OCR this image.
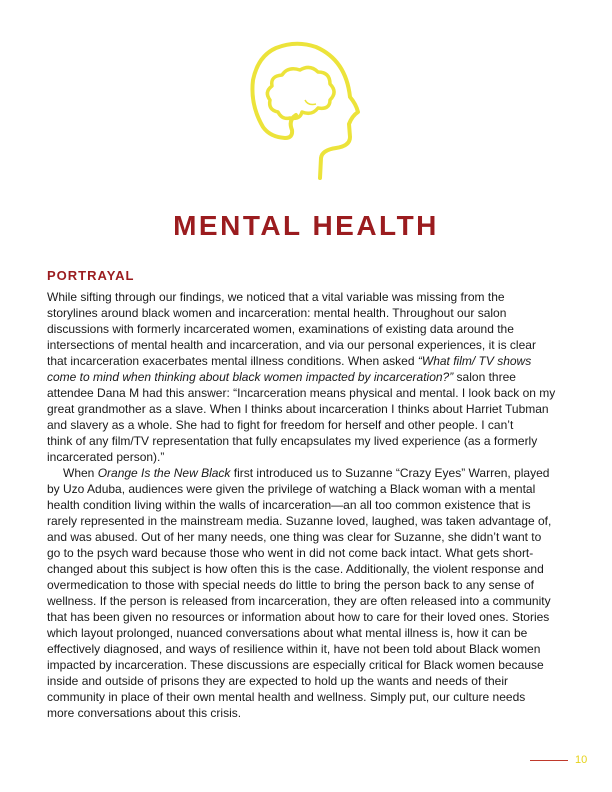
MENTAL HEALTH
PORTRAYAL
While sifting through our findings, we noticed that a vital variable was missing from the
storylines around black women and incarceration: mental health. Throughout our salon
discussions with formerly incarcerated women, examinations of existing data around the
intersections of mental health and incarceration, and via our personal experiences, it is clear
that incarceration exacerbates mental illness conditions. When asked “What film/ TV shows
come to mind when thinking about black women impacted by incarceration?” salon three
attendee Dana M had this answer: “Incarceration means physical and mental. I look back on my
great grandmother as a slave. When I thinks about incarceration I thinks about Harriet Tubman
and slavery as a whole. She had to fight for freedom for herself and other people. I can’t
think of any film/TV representation that fully encapsulates my lived experience (as a formerly
incarcerated person).”
When Orange Is the New Black first introduced us to Suzanne “Crazy Eyes” Warren, played
by Uzo Aduba, audiences were given the privilege of watching a Black woman with a mental
health condition living within the walls of incarceration—an all too common existence that is
rarely represented in the mainstream media. Suzanne loved, laughed, was taken advantage of,
and was abused. Out of her many needs, one thing was clear for Suzanne, she didn’t want to
go to the psych ward because those who went in did not come back intact. What gets short-
changed about this subject is how often this is the case. Additionally, the violent response and
overmedication to those with special needs do little to bring the person back to any sense of
wellness. If the person is released from incarceration, they are often released into a community
that has been given no resources or information about how to care for their loved ones. Stories
which layout prolonged, nuanced conversations about what mental illness is, how it can be
effectively diagnosed, and ways of resilience within it, have not been told about Black women
impacted by incarceration. These discussions are especially critical for Black women because
inside and outside of prisons they are expected to hold up the wants and needs of their
community in place of their own mental health and wellness. Simply put, our culture needs
more conversations about this crisis.
10
